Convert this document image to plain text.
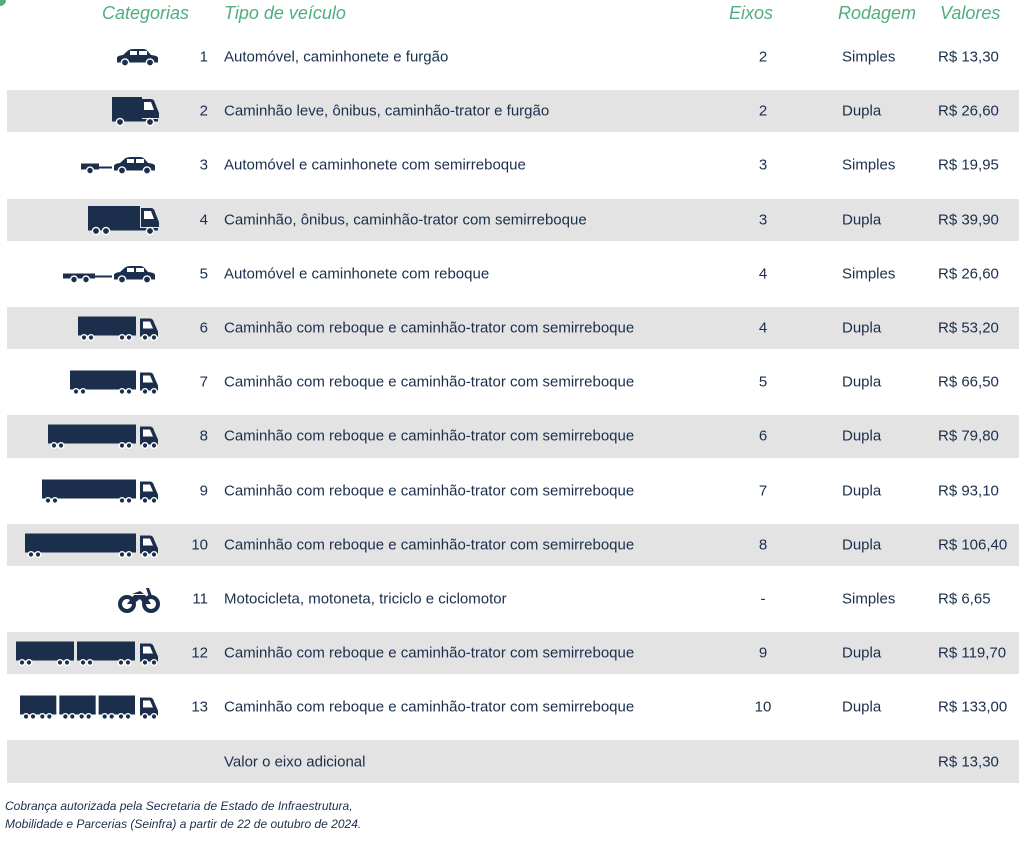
Categorias Tipo de veículo	Eixos	Rodagem Valores
1 Automóvel, caminhonete e furgão	2	Simples	R$ 13,30
2 Caminhão leve, ônibus, caminhão-trator e furgão	2	Dupla	R$ 26,60
3 Automóvel e caminhonete com semirreboque	3	Simples	R$ 19,95
4 Caminhão, ônibus, caminhão-trator com semirreboque	3	Dupla	R$ 39,90
5 Automóvel e caminhonete com reboque	4	Simples	R$ 26,60
6 Caminhão com reboque e caminhão-trator com semirreboque	4	Dupla	R$ 53,20
7 Caminhão com reboque e caminhão-trator com semirreboque	5	Dupla	R$ 66,50
8 Caminhão com reboque e caminhão-trator com semirreboque	6	Dupla	R$ 79,80
9 Caminhão com reboque e caminhão-trator com semirreboque	7	Dupla	R$ 93,10
10 Caminhão com reboque e caminhão-trator com semirreboque	8	Dupla	R$ 106,40
11 Motocicleta, motoneta, triciclo e ciclomotor	-	Simples	R$ 6,65
12 Caminhão com reboque e caminhão-trator com semirreboque	9	Dupla	R$ 119,70
13 Caminhão com reboque e caminhão-trator com semirreboque	10	Dupla	R$ 133,00
Valor o eixo adicional	R$ 13,30
Cobrança autorizada pela Secretaria de Estado de Infraestrutura,
Mobilidade e Parcerias (Seinfra) a partir de 22 de outubro de 2024.
